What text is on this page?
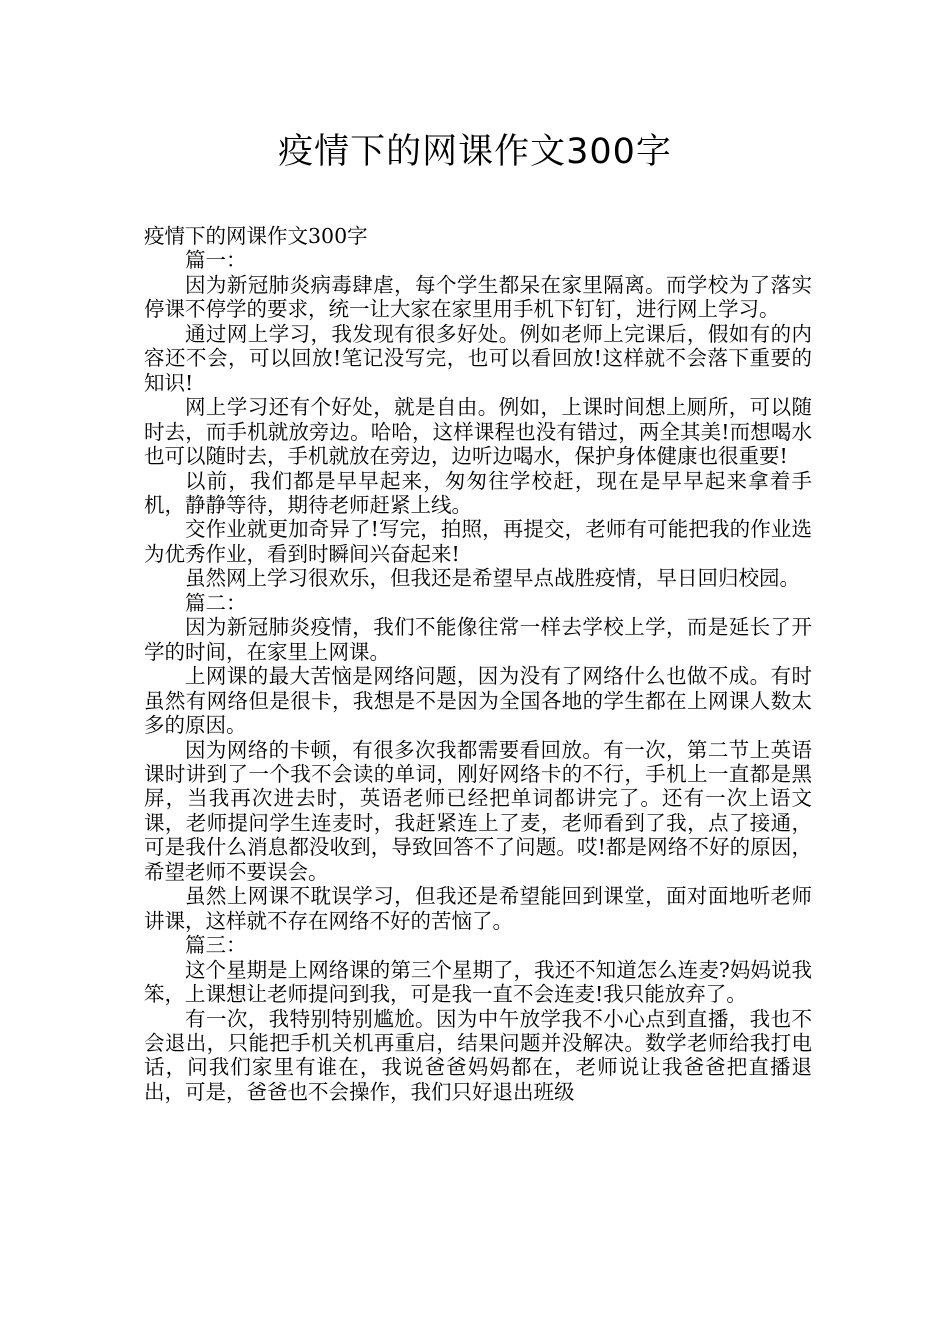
疫情下的网课作文300字

疫情下的网课作文300字

篇一：

因为新冠肺炎病毒肆虐，每个学生都呆在家里隔离。而学校为了落实停课不停学的要求，统一让大家在家里用手机下钉钉，进行网上学习。

通过网上学习，我发现有很多好处。例如老师上完课后，假如有的内容还不会，可以回放!笔记没写完，也可以看回放!这样就不会落下重要的知识!

网上学习还有个好处，就是自由。例如，上课时间想上厕所，可以随时去，而手机就放旁边。哈哈，这样课程也没有错过，两全其美!而想喝水也可以随时去，手机就放在旁边，边听边喝水，保护身体健康也很重要!

以前，我们都是早早起来，匆匆往学校赶，现在是早早起来拿着手机，静静等待，期待老师赶紧上线。

交作业就更加奇异了!写完，拍照，再提交，老师有可能把我的作业选为优秀作业，看到时瞬间兴奋起来!

虽然网上学习很欢乐，但我还是希望早点战胜疫情，早日回归校园。

篇二：

因为新冠肺炎疫情，我们不能像往常一样去学校上学，而是延长了开学的时间，在家里上网课。

上网课的最大苦恼是网络问题，因为没有了网络什么也做不成。有时虽然有网络但是很卡，我想是不是因为全国各地的学生都在上网课人数太多的原因。

因为网络的卡顿，有很多次我都需要看回放。有一次，第二节上英语课时讲到了一个我不会读的单词，刚好网络卡的不行，手机上一直都是黑屏，当我再次进去时，英语老师已经把单词都讲完了。还有一次上语文课，老师提问学生连麦时，我赶紧连上了麦，老师看到了我，点了接通，可是我什么消息都没收到，导致回答不了问题。哎!都是网络不好的原因，希望老师不要误会。

虽然上网课不耽误学习，但我还是希望能回到课堂，面对面地听老师讲课，这样就不存在网络不好的苦恼了。

篇三：

这个星期是上网络课的第三个星期了，我还不知道怎么连麦?妈妈说我笨，上课想让老师提问到我，可是我一直不会连麦!我只能放弃了。

有一次，我特别特别尴尬。因为中午放学我不小心点到直播，我也不会退出，只能把手机关机再重启，结果问题并没解决。数学老师给我打电话，问我们家里有谁在，我说爸爸妈妈都在，老师说让我爸爸把直播退出，可是，爸爸也不会操作，我们只好退出班级
